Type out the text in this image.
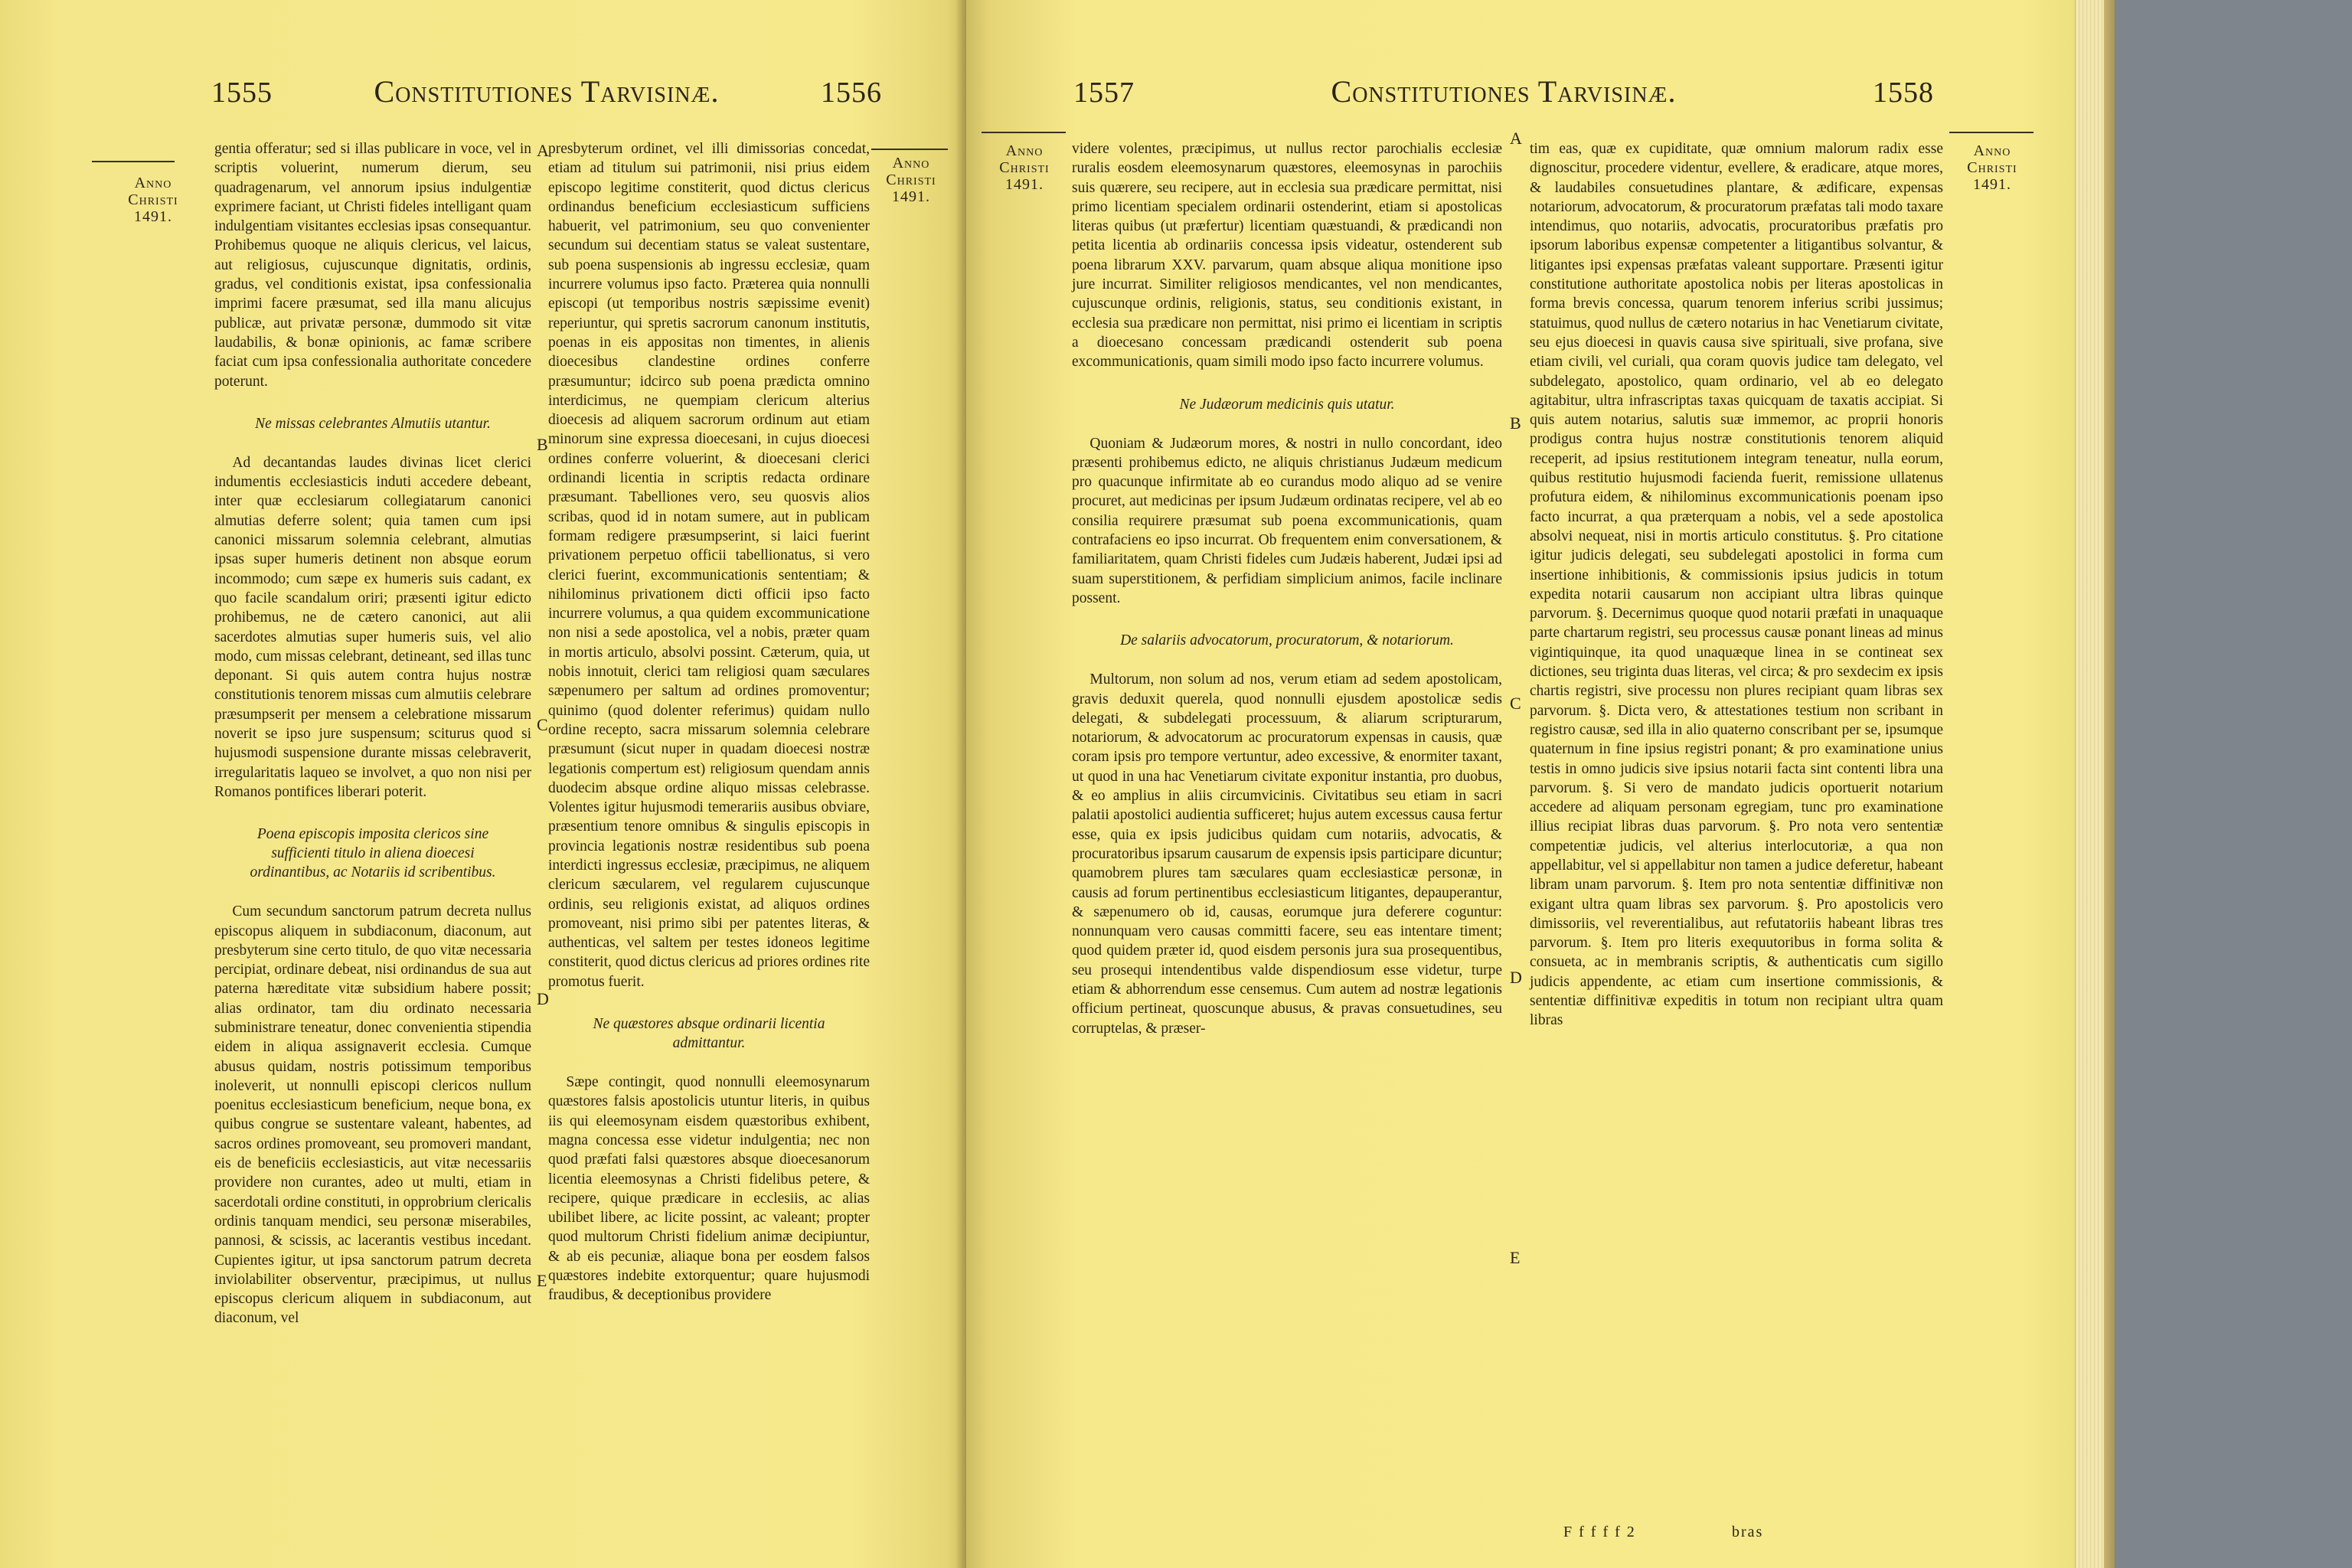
1555	Constitutiones Tarvisinæ.	1556
Anno
Christi
1491.
Anno
Christi
1491.

gentia offeratur; sed si illas publicare in voce, vel in scriptis voluerint, numerum dierum, seu quadragenarum, vel annorum ipsius indulgentiæ exprimere faciant, ut Christi fideles intelligant quam indulgentiam visitantes ecclesias ipsas consequantur. Prohibemus quoque ne aliquis clericus, vel laicus, aut religiosus, cujuscunque dignitatis, ordinis, gradus, vel conditionis existat, ipsa confessionalia imprimi facere præsumat, sed illa manu alicujus publicæ, aut privatæ personæ, dummodo sit vitæ laudabilis, & bonæ opinionis, ac famæ scribere faciat cum ipsa confessionalia authoritate concedere poterunt.

Ne missas celebrantes Almutiis utantur.

Ad decantandas laudes divinas licet clerici indumentis ecclesiasticis induti accedere debeant, inter quæ ecclesiarum collegiatarum canonici almutias deferre solent; quia tamen cum ipsi canonici missarum solemnia celebrant, almutias ipsas super humeris detinent non absque eorum incommodo; cum sæpe ex humeris suis cadant, ex quo facile scandalum oriri; præsenti igitur edicto prohibemus, ne de cætero canonici, aut alii sacerdotes almutias super humeris suis, vel alio modo, cum missas celebrant, detineant, sed illas tunc deponant. Si quis autem contra hujus nostræ constitutionis tenorem missas cum almutiis celebrare præsumpserit per mensem a celebratione missarum noverit se ipso jure suspensum; sciturus quod si hujusmodi suspensione durante missas celebraverit, irregularitatis laqueo se involvet, a quo non nisi per Romanos pontifices liberari poterit.

Poena episcopis imposita clericos sine sufficienti titulo in aliena dioecesi ordinantibus, ac Notariis id scribentibus.

Cum secundum sanctorum patrum decreta nullus episcopus aliquem in subdiaconum, diaconum, aut presbyterum sine certo titulo, de quo vitæ necessaria percipiat, ordinare debeat, nisi ordinandus de sua aut paterna hæreditate vitæ subsidium habere possit; alias ordinator, tam diu ordinato necessaria subministrare teneatur, donec convenientia stipendia eidem in aliqua assignaverit ecclesia. Cumque abusus quidam, nostris potissimum temporibus inoleverit, ut nonnulli episcopi clericos nullum poenitus ecclesiasticum beneficium, neque bona, ex quibus congrue se sustentare valeant, habentes, ad sacros ordines promoveant, seu promoveri mandant, eis de beneficiis ecclesiasticis, aut vitæ necessariis providere non curantes, adeo ut multi, etiam in sacerdotali ordine constituti, in opprobrium clericalis ordinis tanquam mendici, seu personæ miserabiles, pannosi, & scissis, ac lacerantis vestibus incedant. Cupientes igitur, ut ipsa sanctorum patrum decreta inviolabiliter observentur, præcipimus, ut nullus episcopus clericum aliquem in subdiaconum, aut diaconum, vel

A
B
C
D
E

presbyterum ordinet, vel illi dimissorias concedat, etiam ad titulum sui patrimonii, nisi prius eidem episcopo legitime constiterit, quod dictus clericus ordinandus beneficium ecclesiasticum sufficiens habuerit, vel patrimonium, seu quo convenienter secundum sui decentiam status se valeat sustentare, sub poena suspensionis ab ingressu ecclesiæ, quam incurrere volumus ipso facto. Præterea quia nonnulli episcopi (ut temporibus nostris sæpissime evenit) reperiuntur, qui spretis sacrorum canonum institutis, poenas in eis appositas non timentes, in alienis dioecesibus clandestine ordines conferre præsumuntur; idcirco sub poena prædicta omnino interdicimus, ne quempiam clericum alterius dioecesis ad aliquem sacrorum ordinum aut etiam minorum sine expressa dioecesani, in cujus dioecesi ordines conferre voluerint, & dioecesani clerici ordinandi licentia in scriptis redacta ordinare præsumant. Tabelliones vero, seu quosvis alios scribas, quod id in notam sumere, aut in publicam formam redigere præsumpserint, si laici fuerint privationem perpetuo officii tabellionatus, si vero clerici fuerint, excommunicationis sententiam; & nihilominus privationem dicti officii ipso facto incurrere volumus, a qua quidem excommunicatione non nisi a sede apostolica, vel a nobis, præter quam in mortis articulo, absolvi possint. Cæterum, quia, ut nobis innotuit, clerici tam religiosi quam sæculares sæpenumero per saltum ad ordines promoventur; quinimo (quod dolenter referimus) quidam nullo ordine recepto, sacra missarum solemnia celebrare præsumunt (sicut nuper in quadam dioecesi nostræ legationis compertum est) religiosum quendam annis duodecim absque ordine aliquo missas celebrasse. Volentes igitur hujusmodi temerariis ausibus obviare, præsentium tenore omnibus & singulis episcopis in provincia legationis nostræ residentibus sub poena interdicti ingressus ecclesiæ, præcipimus, ne aliquem clericum sæcularem, vel regularem cujuscunque ordinis, seu religionis existat, ad aliquos ordines promoveant, nisi primo sibi per patentes literas, & authenticas, vel saltem per testes idoneos legitime constiterit, quod dictus clericus ad priores ordines rite promotus fuerit.

Ne quæstores absque ordinarii licentia admittantur.

Sæpe contingit, quod nonnulli eleemosynarum quæstores falsis apostolicis utuntur literis, in quibus iis qui eleemosynam eisdem quæstoribus exhibent, magna concessa esse videtur indulgentia; nec non quod præfati falsi quæstores absque dioecesanorum licentia eleemosynas a Christi fidelibus petere, & recipere, quique prædicare in ecclesiis, ac alias ubilibet libere, ac licite possint, ac valeant; propter quod multorum Christi fidelium animæ decipiuntur, & ab eis pecuniæ, aliaque bona per eosdem falsos quæstores indebite extorquentur; quare hujusmodi fraudibus, & deceptionibus providere

1557	Constitutiones Tarvisinæ.	1558
Anno
Christi
1491.
Anno
Christi
1491.

videre volentes, præcipimus, ut nullus rector parochialis ecclesiæ ruralis eosdem eleemosynarum quæstores, eleemosynas in parochiis suis quærere, seu recipere, aut in ecclesia sua prædicare permittat, nisi primo licentiam specialem ordinarii ostenderint, etiam si apostolicas literas quibus (ut præfertur) licentiam quæstuandi, & prædicandi non petita licentia ab ordinariis concessa ipsis videatur, ostenderent sub poena librarum XXV. parvarum, quam absque aliqua monitione ipso jure incurrat. Similiter religiosos mendicantes, vel non mendicantes, cujuscunque ordinis, religionis, status, seu conditionis existant, in ecclesia sua prædicare non permittat, nisi primo ei licentiam in scriptis a dioecesano concessam prædicandi ostenderit sub poena excommunicationis, quam simili modo ipso facto incurrere volumus.

Ne Judæorum medicinis quis utatur.

Quoniam & Judæorum mores, & nostri in nullo concordant, ideo præsenti prohibemus edicto, ne aliquis christianus Judæum medicum pro quacunque infirmitate ab eo curandus modo aliquo ad se venire procuret, aut medicinas per ipsum Judæum ordinatas recipere, vel ab eo consilia requirere præsumat sub poena excommunicationis, quam contrafaciens eo ipso incurrat. Ob frequentem enim conversationem, & familiaritatem, quam Christi fideles cum Judæis haberent, Judæi ipsi ad suam superstitionem, & perfidiam simplicium animos, facile inclinare possent.

De salariis advocatorum, procuratorum, & notariorum.

Multorum, non solum ad nos, verum etiam ad sedem apostolicam, gravis deduxit querela, quod nonnulli ejusdem apostolicæ sedis delegati, & subdelegati processuum, & aliarum scripturarum, notariorum, & advocatorum ac procuratorum expensas in causis, quæ coram ipsis pro tempore vertuntur, adeo excessive, & enormiter taxant, ut quod in una hac Venetiarum civitate exponitur instantia, pro duobus, & eo amplius in aliis circumvicinis. Civitatibus seu etiam in sacri palatii apostolici audientia sufficeret; hujus autem excessus causa fertur esse, quia ex ipsis judicibus quidam cum notariis, advocatis, & procuratoribus ipsarum causarum de expensis ipsis participare dicuntur; quamobrem plures tam sæculares quam ecclesiasticæ personæ, in causis ad forum pertinentibus ecclesiasticum litigantes, depauperantur, & sæpenumero ob id, causas, eorumque jura deferere coguntur: nonnunquam vero causas committi facere, seu eas intentare timent; quod quidem præter id, quod eisdem personis jura sua prosequentibus, seu prosequi intendentibus valde dispendiosum esse videtur, turpe etiam & abhorrendum esse censemus. Cum autem ad nostræ legationis officium pertineat, quoscunque abusus, & pravas consuetudines, seu corruptelas, & præser-

A
B
C
D
E

tim eas, quæ ex cupiditate, quæ omnium malorum radix esse dignoscitur, procedere videntur, evellere, & eradicare, atque mores, & laudabiles consuetudines plantare, & ædificare, expensas notariorum, advocatorum, & procuratorum præfatas tali modo taxare intendimus, quo notariis, advocatis, procuratoribus præfatis pro ipsorum laboribus expensæ competenter a litigantibus solvantur, & litigantes ipsi expensas præfatas valeant supportare. Præsenti igitur constitutione authoritate apostolica nobis per literas apostolicas in forma brevis concessa, quarum tenorem inferius scribi jussimus; statuimus, quod nullus de cætero notarius in hac Venetiarum civitate, seu ejus dioecesi in quavis causa sive spirituali, sive profana, sive etiam civili, vel curiali, qua coram quovis judice tam delegato, vel subdelegato, apostolico, quam ordinario, vel ab eo delegato agitabitur, ultra infrascriptas taxas quicquam de taxatis accipiat. Si quis autem notarius, salutis suæ immemor, ac proprii honoris prodigus contra hujus nostræ constitutionis tenorem aliquid receperit, ad ipsius restitutionem integram teneatur, nulla eorum, quibus restitutio hujusmodi facienda fuerit, remissione ullatenus profutura eidem, & nihilominus excommunicationis poenam ipso facto incurrat, a qua præterquam a nobis, vel a sede apostolica absolvi nequeat, nisi in mortis articulo constitutus. §. Pro citatione igitur judicis delegati, seu subdelegati apostolici in forma cum insertione inhibitionis, & commissionis ipsius judicis in totum expedita notarii causarum non accipiant ultra libras quinque parvorum. §. Decernimus quoque quod notarii præfati in unaquaque parte chartarum registri, seu processus causæ ponant lineas ad minus vigintiquinque, ita quod unaquæque linea in se contineat sex dictiones, seu triginta duas literas, vel circa; & pro sexdecim ex ipsis chartis registri, sive processu non plures recipiant quam libras sex parvorum. §. Dicta vero, & attestationes testium non scribant in registro causæ, sed illa in alio quaterno conscribant per se, ipsumque quaternum in fine ipsius registri ponant; & pro examinatione unius testis in omno judicis sive ipsius notarii facta sint contenti libra una parvorum. §. Si vero de mandato judicis oportuerit notarium accedere ad aliquam personam egregiam, tunc pro examinatione illius recipiat libras duas parvorum. §. Pro nota vero sententiæ competentiæ judicis, vel alterius interlocutoriæ, a qua non appellabitur, vel si appellabitur non tamen a judice deferetur, habeant libram unam parvorum. §. Item pro nota sententiæ diffinitivæ non exigant ultra quam libras sex parvorum. §. Pro apostolicis vero dimissoriis, vel reverentialibus, aut refutatoriis habeant libras tres parvorum. §. Item pro literis exequutoribus in forma solita & consueta, ac in membranis scriptis, & authenticatis cum sigillo judicis appendente, ac etiam cum insertione commissionis, & sententiæ diffinitivæ expeditis in totum non recipiant ultra quam libras

F f f f f 2	bras
